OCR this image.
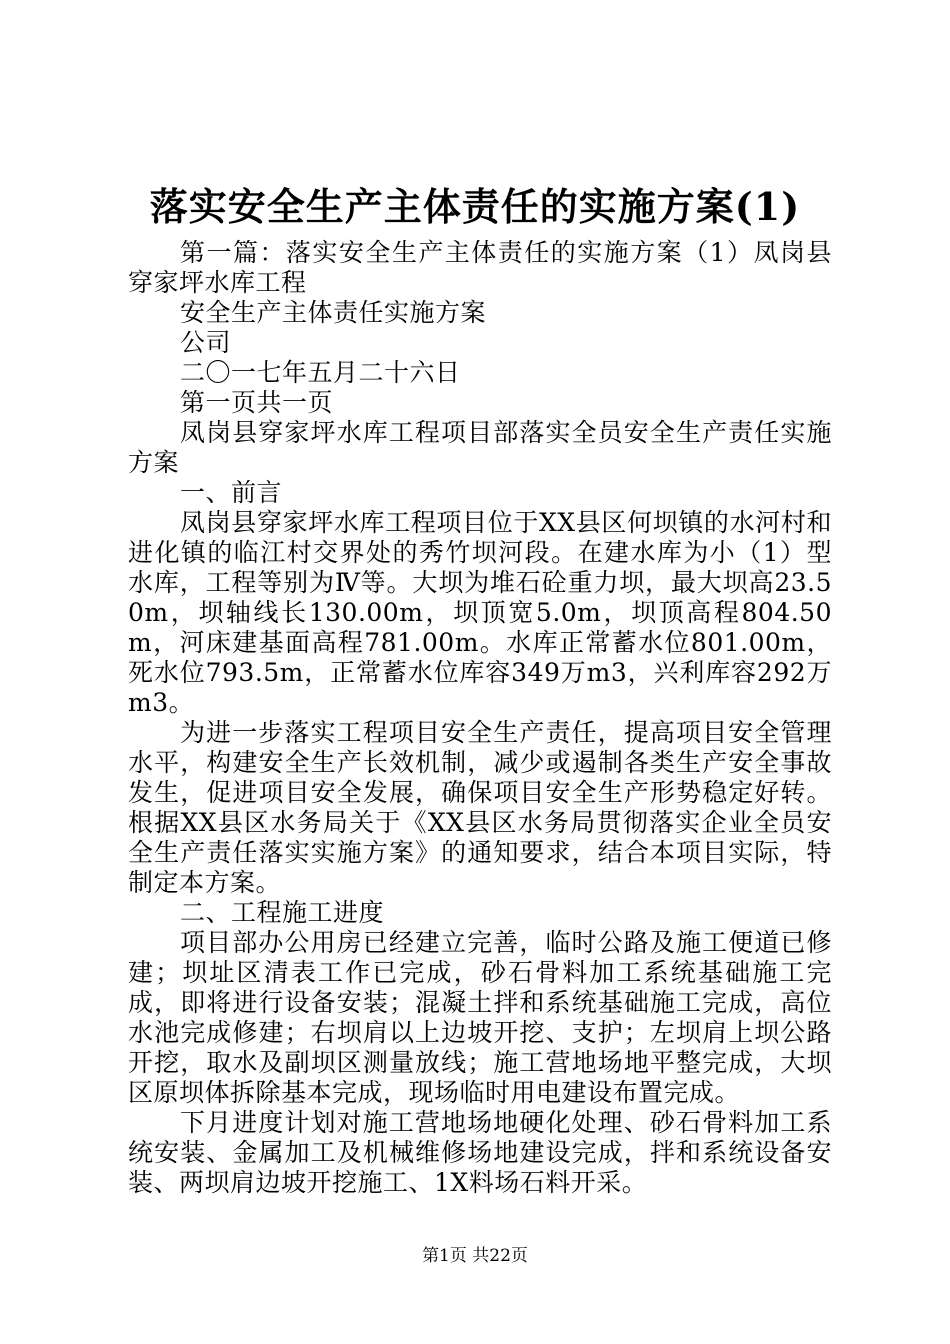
落实安全生产主体责任的实施方案(1)

第一篇：落实安全生产主体责任的实施方案（1）凤岗县穿家坪水库工程

安全生产主体责任实施方案

公司

二〇一七年五月二十六日

第一页共一页

凤岗县穿家坪水库工程项目部落实全员安全生产责任实施方案

一、前言

凤岗县穿家坪水库工程项目位于XX县区何坝镇的水河村和进化镇的临江村交界处的秀竹坝河段。在建水库为小（1）型水库，工程等别为Ⅳ等。大坝为堆石砼重力坝，最大坝高23.50m，坝轴线长130.00m，坝顶宽5.0m，坝顶高程804.50m，河床建基面高程781.00m。水库正常蓄水位801.00m，死水位793.5m，正常蓄水位库容349万m3，兴利库容292万m3。

为进一步落实工程项目安全生产责任，提高项目安全管理水平，构建安全生产长效机制，减少或遏制各类生产安全事故发生，促进项目安全发展，确保项目安全生产形势稳定好转。根据XX县区水务局关于《XX县区水务局贯彻落实企业全员安全生产责任落实实施方案》的通知要求，结合本项目实际，特制定本方案。

二、工程施工进度

项目部办公用房已经建立完善，临时公路及施工便道已修建；坝址区清表工作已完成，砂石骨料加工系统基础施工完成，即将进行设备安装；混凝土拌和系统基础施工完成，高位水池完成修建；右坝肩以上边坡开挖、支护；左坝肩上坝公路开挖，取水及副坝区测量放线；施工营地场地平整完成，大坝区原坝体拆除基本完成，现场临时用电建设布置完成。

下月进度计划对施工营地场地硬化处理、砂石骨料加工系统安装、金属加工及机械维修场地建设完成，拌和系统设备安装、两坝肩边坡开挖施工、1X料场石料开采。

第1页 共22页
